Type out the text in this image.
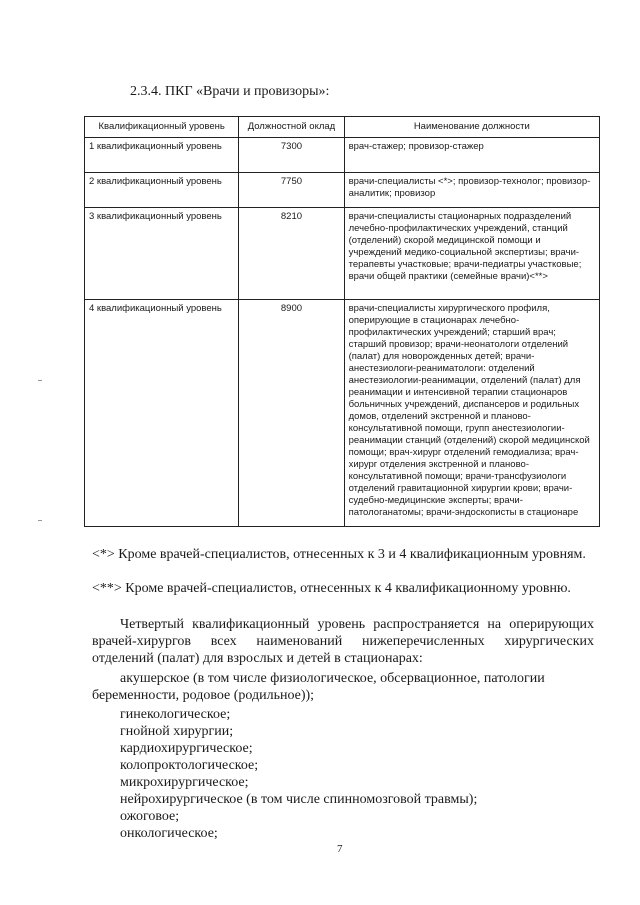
2.3.4. ПКГ «Врачи и провизоры»:
Квалификационный уровень	Должностной оклад	Наименование должности
1 квалификационный уровень	7300	врач-стажер; провизор-стажер
2 квалификационный уровень	7750	врачи-специалисты <*>; провизор-технолог; провизор-аналитик; провизор
3 квалификационный уровень	8210	врачи-специалисты стационарных подразделений лечебно-профилактических учреждений, станций (отделений) скорой медицинской помощи и учреждений медико-социальной экспертизы; врачи-терапевты участковые; врачи-педиатры участковые; врачи общей практики (семейные врачи)<**>
4 квалификационный уровень	8900	врачи-специалисты хирургического профиля, оперирующие в стационарах лечебно-профилактических учреждений; старший врач; старший провизор; врачи-неонатологи отделений (палат) для новорожденных детей; врачи-анестезиологи-реаниматологи: отделений анестезиологии-реанимации, отделений (палат) для реанимации и интенсивной терапии стационаров больничных учреждений, диспансеров и родильных домов, отделений экстренной и планово-консультативной помощи, групп анестезиологии-реанимации станций (отделений) скорой медицинской помощи; врач-хирург отделений гемодиализа; врач-хирург отделения экстренной и планово-консультативной помощи; врачи-трансфузиологи отделений гравитационной хирургии крови; врачи-судебно-медицинские эксперты; врачи-патологанатомы; врачи-эндоскописты в стационаре
<*> Кроме врачей-специалистов, отнесенных к 3 и 4 квалификационным уровням.
<**> Кроме врачей-специалистов, отнесенных к 4 квалификационному уровню.
Четвертый квалификационный уровень распространяется на оперирующих врачей-хирургов всех наименований нижеперечисленных хирургических отделений (палат) для взрослых и детей в стационарах:
акушерское (в том числе физиологическое, обсервационное, патологии беременности, родовое (родильное));
гинекологическое;
гнойной хирургии;
кардиохирургическое;
колопроктологическое;
микрохирургическое;
нейрохирургическое (в том числе спинномозговой травмы);
ожоговое;
онкологическое;
7
